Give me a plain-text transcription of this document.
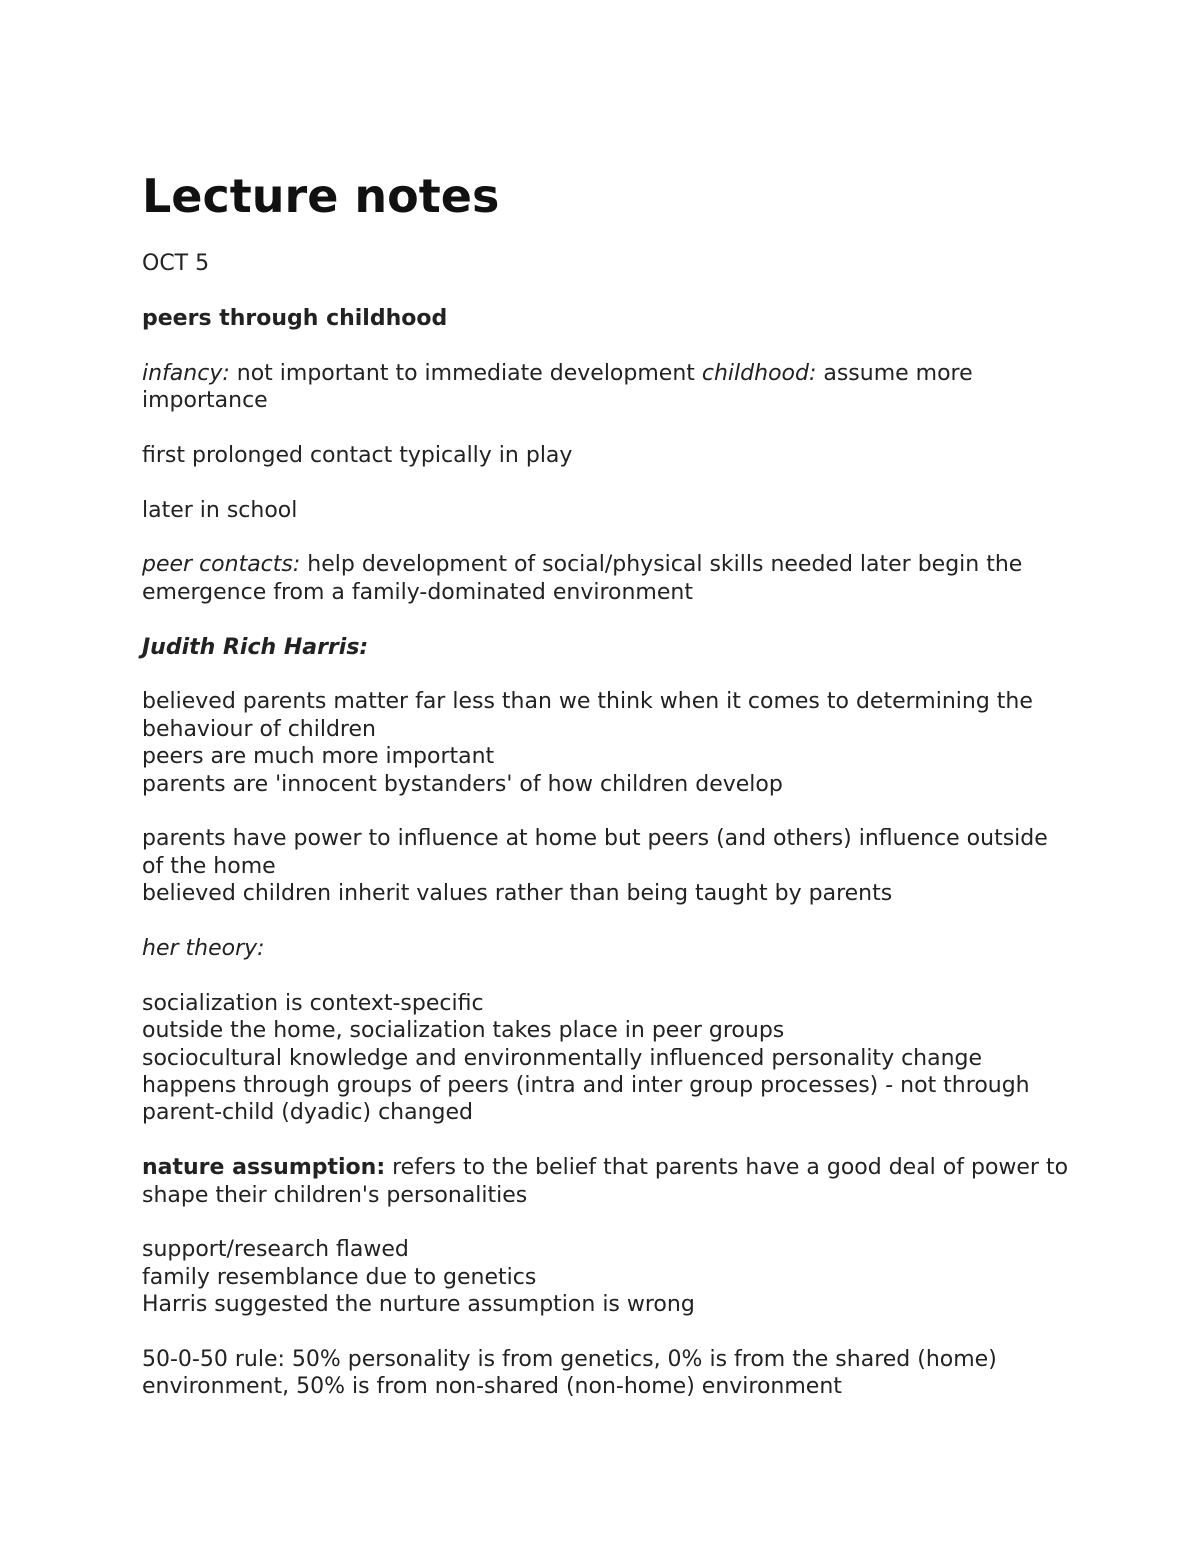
Lecture notes

OCT 5

peers through childhood

infancy: not important to immediate development childhood: assume more importance

first prolonged contact typically in play

later in school

peer contacts: help development of social/physical skills needed later begin the emergence from a family-dominated environment

Judith Rich Harris:

believed parents matter far less than we think when it comes to determining the behaviour of children
peers are much more important
parents are 'innocent bystanders' of how children develop

parents have power to influence at home but peers (and others) influence outside of the home
believed children inherit values rather than being taught by parents

her theory:

socialization is context-specific
outside the home, socialization takes place in peer groups
sociocultural knowledge and environmentally influenced personality change happens through groups of peers (intra and inter group processes) - not through parent-child (dyadic) changed

nature assumption: refers to the belief that parents have a good deal of power to shape their children's personalities

support/research flawed
family resemblance due to genetics
Harris suggested the nurture assumption is wrong

50-0-50 rule: 50% personality is from genetics, 0% is from the shared (home) environment, 50% is from non-shared (non-home) environment
